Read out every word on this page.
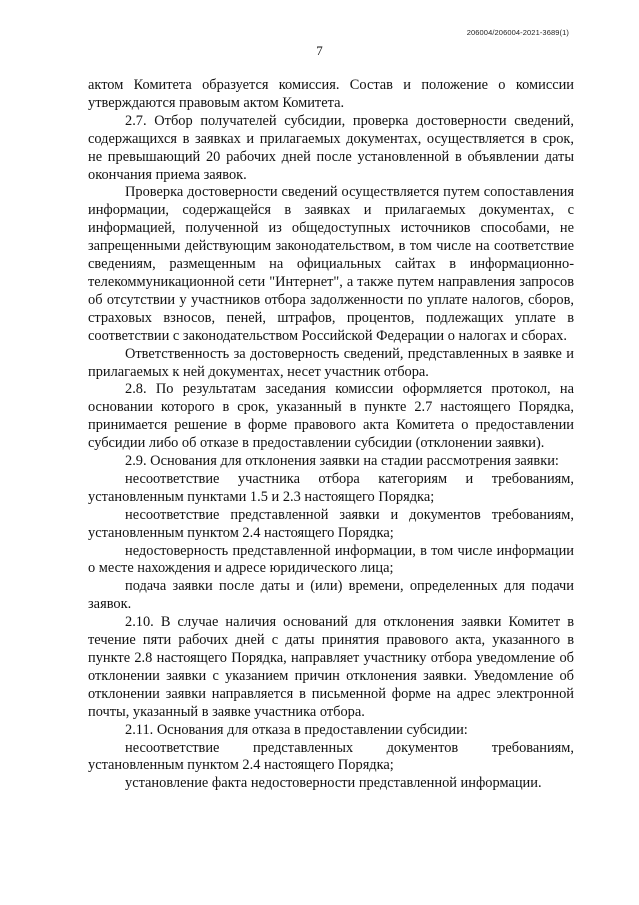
206004/206004-2021-3689(1)
7

актом Комитета образуется комиссия. Состав и положение о комиссии утверждаются правовым актом Комитета.

2.7. Отбор получателей субсидии, проверка достоверности сведений, содержащихся в заявках и прилагаемых документах, осуществляется в срок, не превышающий 20 рабочих дней после установленной в объявлении даты окончания приема заявок.

Проверка достоверности сведений осуществляется путем сопоставления информации, содержащейся в заявках и прилагаемых документах, с информацией, полученной из общедоступных источников способами, не запрещенными действующим законодательством, в том числе на соответствие сведениям, размещенным на официальных сайтах в информационно-телекоммуникационной сети "Интернет", а также путем направления запросов об отсутствии у участников отбора задолженности по уплате налогов, сборов, страховых взносов, пеней, штрафов, процентов, подлежащих уплате в соответствии с законодательством Российской Федерации о налогах и сборах.

Ответственность за достоверность сведений, представленных в заявке и прилагаемых к ней документах, несет участник отбора.

2.8. По результатам заседания комиссии оформляется протокол, на основании которого в срок, указанный в пункте 2.7 настоящего Порядка, принимается решение в форме правового акта Комитета о предоставлении субсидии либо об отказе в предоставлении субсидии (отклонении заявки).

2.9. Основания для отклонения заявки на стадии рассмотрения заявки:

несоответствие участника отбора категориям и требованиям, установленным пунктами 1.5 и 2.3 настоящего Порядка;

несоответствие представленной заявки и документов требованиям, установленным пунктом 2.4 настоящего Порядка;

недостоверность представленной информации, в том числе информации о месте нахождения и адресе юридического лица;

подача заявки после даты и (или) времени, определенных для подачи заявок.

2.10. В случае наличия оснований для отклонения заявки Комитет в течение пяти рабочих дней с даты принятия правового акта, указанного в пункте 2.8 настоящего Порядка, направляет участнику отбора уведомление об отклонении заявки с указанием причин отклонения заявки. Уведомление об отклонении заявки направляется в письменной форме на адрес электронной почты, указанный в заявке участника отбора.

2.11. Основания для отказа в предоставлении субсидии:

несоответствие представленных документов требованиям, установленным пунктом 2.4 настоящего Порядка;

установление факта недостоверности представленной информации.
